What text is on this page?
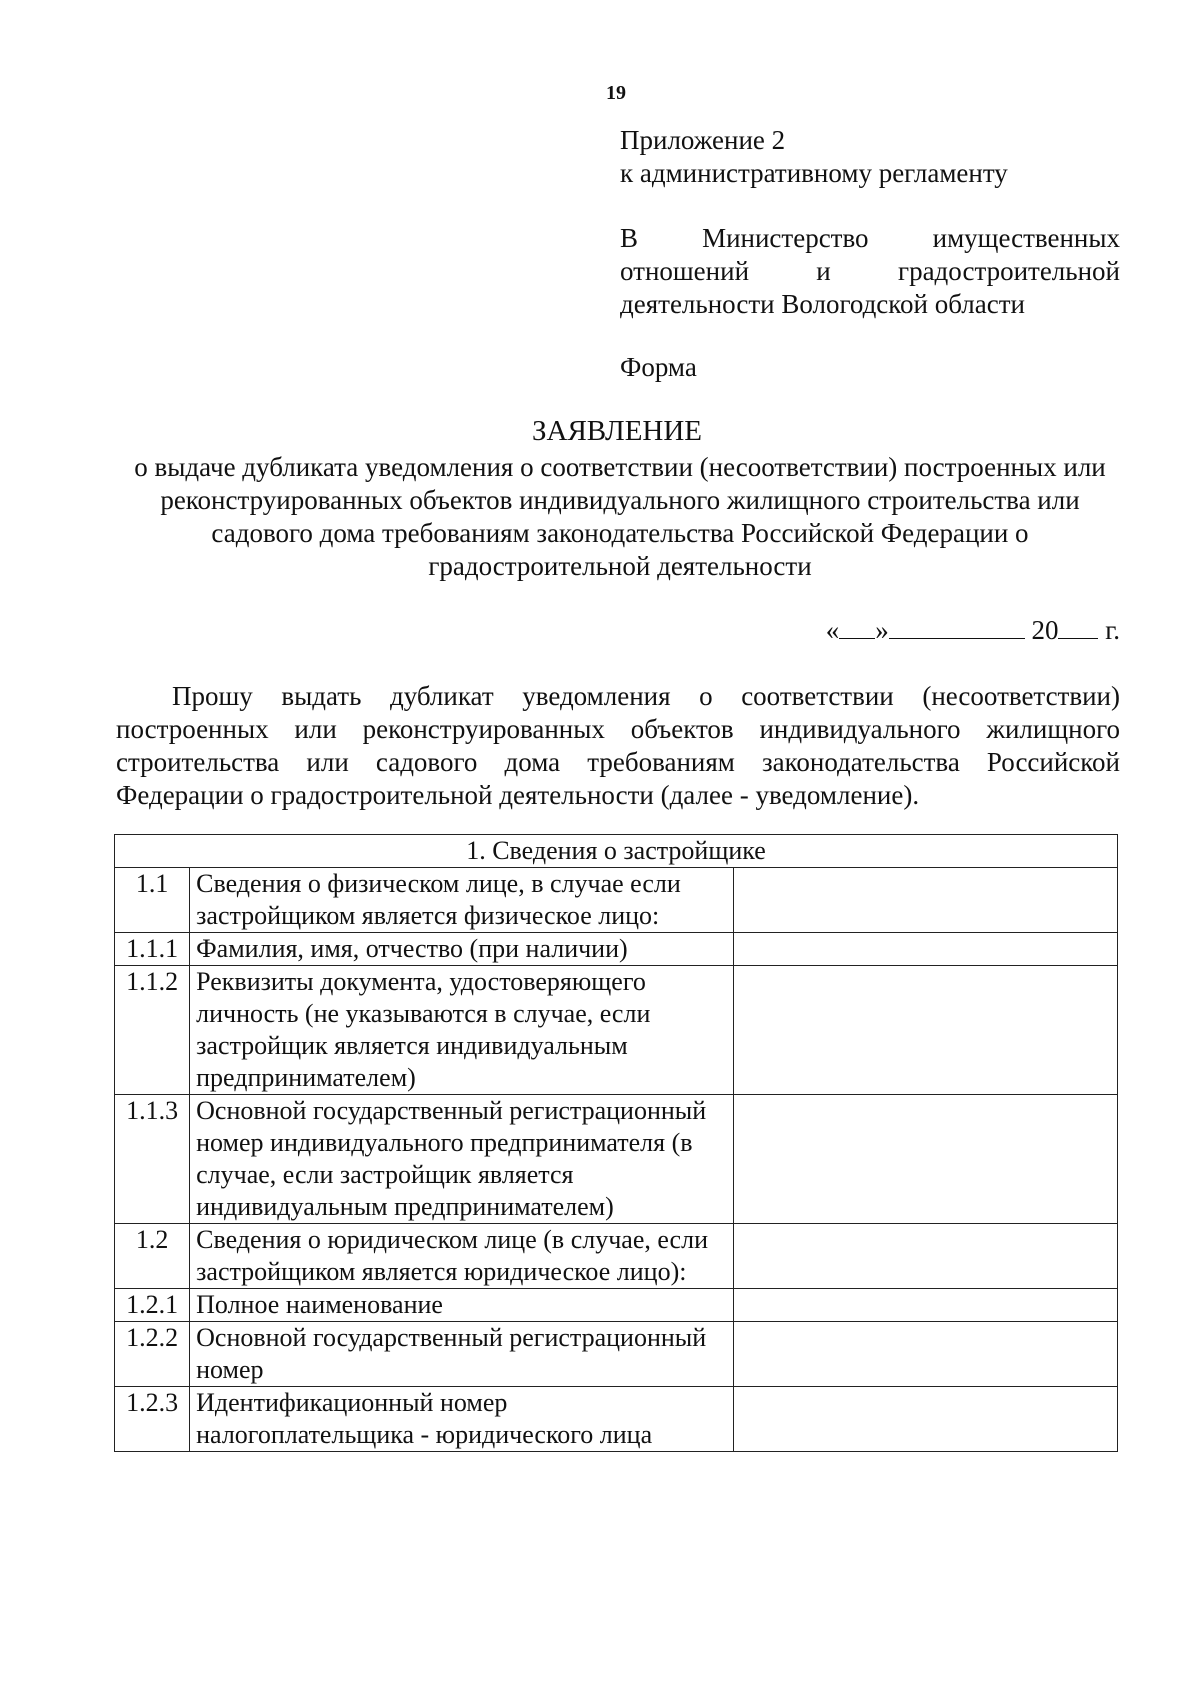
19
Приложение 2
к административному регламенту
В Министерство имущественных
отношений и градостроительной
деятельности Вологодской области
Форма
ЗАЯВЛЕНИЕ
о выдаче дубликата уведомления о соответствии (несоответствии) построенных или реконструированных объектов индивидуального жилищного строительства или садового дома требованиям законодательства Российской Федерации о градостроительной деятельности
« »	20 г.
Прошу выдать дубликат уведомления о соответствии (несоответствии) построенных или реконструированных объектов индивидуального жилищного строительства или садового дома требованиям законодательства Российской Федерации о градостроительной деятельности (далее - уведомление).
1. Сведения о застройщике		
1.1	Сведения о физическом лице, в случае если застройщиком является физическое лицо:	
1.1.1	Фамилия, имя, отчество (при наличии)	
1.1.2	Реквизиты документа, удостоверяющего личность (не указываются в случае, если застройщик является индивидуальным предпринимателем)	
1.1.3	Основной государственный регистрационный номер индивидуального предпринимателя (в случае, если застройщик является индивидуальным предпринимателем)	
1.2	Сведения о юридическом лице (в случае, если застройщиком является юридическое лицо):	
1.2.1	Полное наименование	
1.2.2	Основной государственный регистрационный номер	
1.2.3	Идентификационный номер налогоплательщика - юридического лица	
